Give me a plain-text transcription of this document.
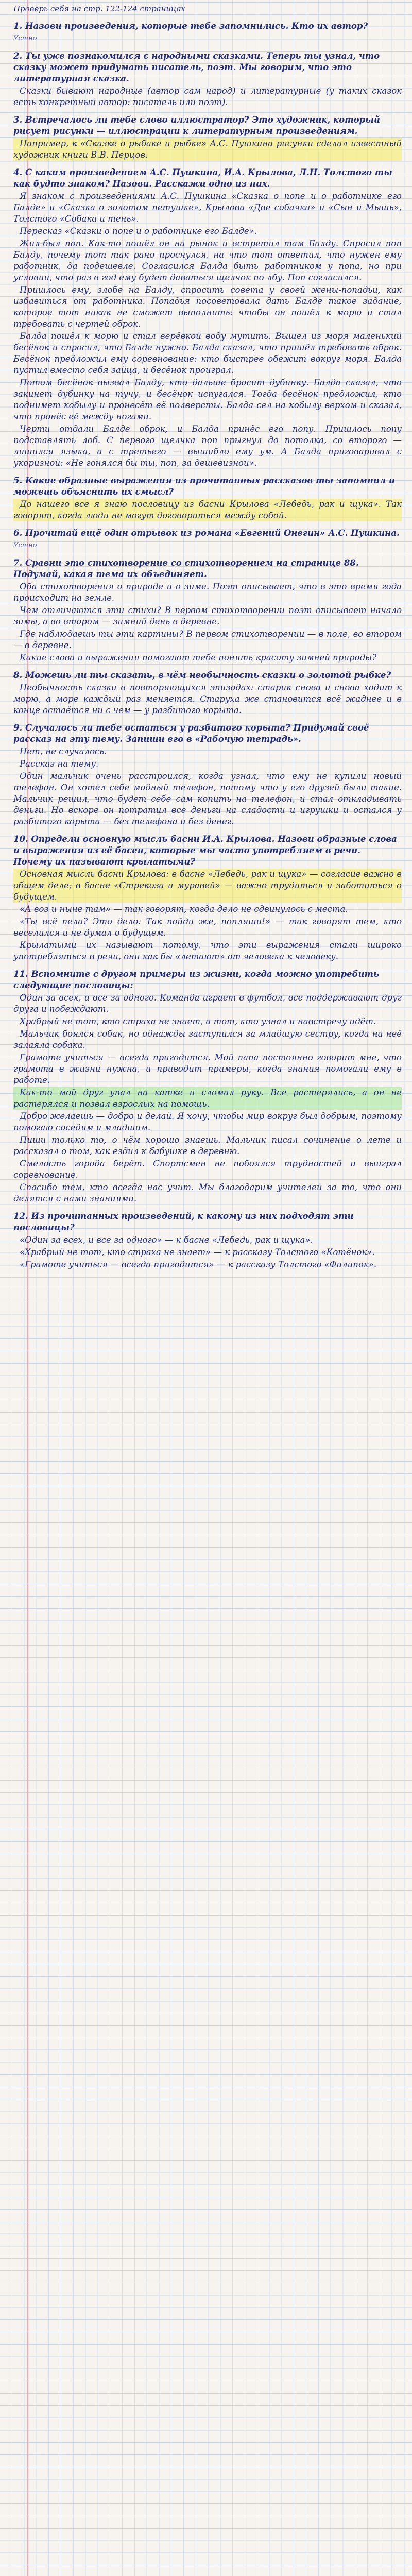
Проверь себя на стр. 122-124 страницах
1. Назови произведения, которые тебе запомнились. Кто их автор?
Устно
2. Ты уже познакомился с народными сказками. Теперь ты узнал, что сказку может придумать писатель, поэт. Мы говорим, что это литературная сказка.
Сказки бывают народные (автор сам народ) и литературные (у таких сказок есть конкретный автор: писатель или поэт).
3. Встречалось ли тебе слово иллюстратор? Это художник, который рисует рисунки — иллюстрации к литературным произведениям.
Например, к «Сказке о рыбаке и рыбке» А.С. Пушкина рисунки сделал известный художник книги В.В. Перцов.
4. С каким произведением А.С. Пушкина, И.А. Крылова, Л.Н. Толстого ты как будто знаком? Назови. Расскажи одно из них.
Я знаком с произведениями А.С. Пушкина «Сказка о попе и о работнике его Балде» и «Сказка о золотом петушке», Крылова «Две собачки» и «Сын и Мышь», Толстого «Собака и тень».
Пересказ «Сказки о попе и о работнике его Балде».
Жил-был поп. Как-то пошёл он на рынок и встретил там Балду. Спросил поп Балду, почему тот так рано проснулся, на что тот ответил, что нужен ему работник, да подешевле. Согласился Балда быть работником у попа, но при условии, что раз в год ему будет даваться щелчок по лбу. Поп согласился.
Пришлось ему, злобе на Балду, спросить совета у своей жены-попадьи, как избавиться от работника. Попадья посоветовала дать Балде такое задание, которое тот никак не сможет выполнить: чтобы он пошёл к морю и стал требовать с чертей оброк.
Балда пошёл к морю и стал верёвкой воду мутить. Вышел из моря маленький бесёнок и спросил, что Балде нужно. Балда сказал, что пришёл требовать оброк. Бесёнок предложил ему соревнование: кто быстрее обежит вокруг моря. Балда пустил вместо себя зайца, и бесёнок проиграл.
Потом бесёнок вызвал Балду, кто дальше бросит дубинку. Балда сказал, что закинет дубинку на тучу, и бесёнок испугался. Тогда бесёнок предложил, кто поднимет кобылу и пронесёт её полверсты. Балда сел на кобылу верхом и сказал, что пронёс её между ногами.
Черти отдали Балде оброк, и Балда принёс его попу. Пришлось попу подставлять лоб. С первого щелчка поп прыгнул до потолка, со второго — лишился языка, а с третьего — вышибло ему ум. А Балда приговаривал с укоризной: «Не гонялся бы ты, поп, за дешевизной».
5. Какие образные выражения из прочитанных рассказов ты запомнил и можешь объяснить их смысл?
До нашего все я знаю пословицу из басни Крылова «Лебедь, рак и щука». Так говорят, когда люди не могут договориться между собой.
6. Прочитай ещё один отрывок из романа «Евгений Онегин» А.С. Пушкина.
Устно
7. Сравни это стихотворение со стихотворением на странице 88. Подумай, какая тема их объединяет.
Оба стихотворения о природе и о зиме. Поэт описывает, что в это время года происходит на земле.
Чем отличаются эти стихи? В первом стихотворении поэт описывает начало зимы, а во втором — зимний день в деревне.
Где наблюдаешь ты эти картины? В первом стихотворении — в поле, во втором — в деревне.
Какие слова и выражения помогают тебе понять красоту зимней природы?
8. Можешь ли ты сказать, в чём необычность сказки о золотой рыбке?
Необычность сказки в повторяющихся эпизодах: старик снова и снова ходит к морю, а море каждый раз меняется. Старуха же становится всё жаднее и в конце остаётся ни с чем — у разбитого корыта.
9. Случалось ли тебе остаться у разбитого корыта? Придумай своё рассказ на эту тему. Запиши его в «Рабочую тетрадь».
Нет, не случалось.
Рассказ на тему.
Один мальчик очень расстроился, когда узнал, что ему не купили новый телефон. Он хотел себе модный телефон, потому что у его друзей были такие. Мальчик решил, что будет себе сам копить на телефон, и стал откладывать деньги. Но вскоре он потратил все деньги на сладости и игрушки и остался у разбитого корыта — без телефона и без денег.
10. Определи основную мысль басни И.А. Крылова. Назови образные слова и выражения из её басен, которые мы часто употребляем в речи. Почему их называют крылатыми?
Основная мысль басни Крылова: в басне «Лебедь, рак и щука» — согласие важно в общем деле; в басне «Стрекоза и муравей» — важно трудиться и заботиться о будущем.
«А воз и ныне там» — так говорят, когда дело не сдвинулось с места.
«Ты всё пела? Это дело: Так пойди же, попляши!» — так говорят тем, кто веселился и не думал о будущем.
Крылатыми их называют потому, что эти выражения стали широко употребляться в речи, они как бы «летают» от человека к человеку.
11. Вспомните с другом примеры из жизни, когда можно употребить следующие пословицы:
Один за всех, и все за одного. Команда играет в футбол, все поддерживают друг друга и побеждают.
Храбрый не тот, кто страха не знает, а тот, кто узнал и навстречу идёт.
Мальчик боялся собак, но однажды заступился за младшую сестру, когда на неё залаяла собака.
Грамоте учиться — всегда пригодится. Мой папа постоянно говорит мне, что грамота в жизни нужна, и приводит примеры, когда знания помогали ему в работе.
Как-то мой друг упал на катке и сломал руку. Все растерялись, а он не растерялся и позвал взрослых на помощь.
Добро желаешь — добро и делай. Я хочу, чтобы мир вокруг был добрым, поэтому помогаю соседям и младшим.
Пиши только то, о чём хорошо знаешь. Мальчик писал сочинение о лете и рассказал о том, как ездил к бабушке в деревню.
Смелость города берёт. Спортсмен не побоялся трудностей и выиграл соревнование.
Спасибо тем, кто всегда нас учит. Мы благодарим учителей за то, что они делятся с нами знаниями.
12. Из прочитанных произведений, к какому из них подходят эти пословицы?
«Один за всех, и все за одного» — к басне «Лебедь, рак и щука».
«Храбрый не тот, кто страха не знает» — к рассказу Толстого «Котёнок».
«Грамоте учиться — всегда пригодится» — к рассказу Толстого «Филипок».
